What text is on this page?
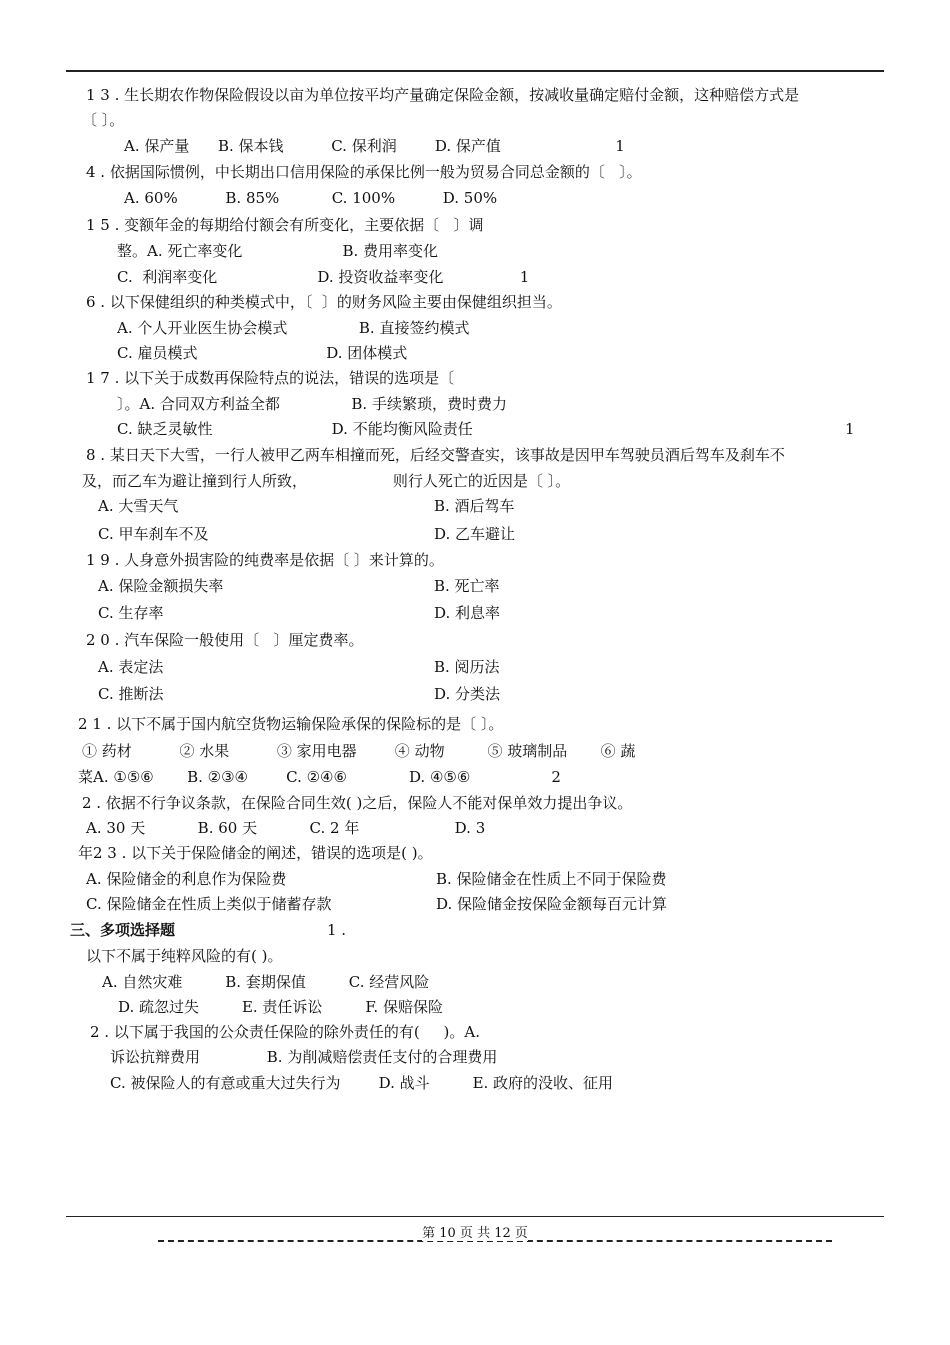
1 3 . 生长期农作物保险假设以亩为单位按平均产量确定保险金额，按减收量确定赔付金额，这种赔偿方式是
〔 〕。
A. 保产量      B. 保本钱          C. 保利润        D. 保产值                        1
4 . 依据国际惯例，中长期出口信用保险的承保比例一般为贸易合同总金额的〔   〕。
A. 60%          B. 85%           C. 100%          D. 50%
1 5 . 变额年金的每期给付额会有所变化，主要依据〔   〕调
整。A. 死亡率变化                     B. 费用率变化
C.  利润率变化                     D. 投资收益率变化                1
6 . 以下保健组织的种类模式中，〔  〕的财务风险主要由保健组织担当。
A. 个人开业医生协会模式               B. 直接签约模式
C. 雇员模式                           D. 团体模式
1 7 . 以下关于成数再保险特点的说法，错误的选项是〔
〕。A. 合同双方利益全都               B. 手续繁琐，费时费力
C. 缺乏灵敏性                         D. 不能均衡风险责任	1
8 . 某日天下大雪，一行人被甲乙两车相撞而死，后经交警查实，该事故是因甲车驾驶员酒后驾车及刹车不
及，而乙车为避让撞到行人所致，                  则行人死亡的近因是〔 〕。
A. 大雪天气	B. 酒后驾车
C. 甲车刹车不及	D. 乙车避让
1 9 . 人身意外损害险的纯费率是依据〔 〕来计算的。
A. 保险金额损失率	B. 死亡率
C. 生存率	D. 利息率
2 0 . 汽车保险一般使用〔   〕厘定费率。
A. 表定法	B. 阅历法
C. 推断法	D. 分类法
2 1 . 以下不属于国内航空货物运输保险承保的保险标的是〔 〕。
① 药材          ② 水果          ③ 家用电器        ④ 动物         ⑤ 玻璃制品       ⑥ 蔬
菜A. ①⑤⑥       B. ②③④        C. ②④⑥             D. ④⑤⑥                 2
2 . 依据不行争议条款，在保险合同生效( )之后，保险人不能对保单效力提出争议。
A. 30 天           B. 60 天           C. 2 年                    D. 3
年2 3 . 以下关于保险储金的阐述，错误的选项是( )。
A. 保险储金的利息作为保险费	B. 保险储金在性质上不同于保险费
C. 保险储金在性质上类似于储蓄存款	D. 保险储金按保险金额每百元计算
三、多项选择题	1 .
以下不属于纯粹风险的有( )。
A. 自然灾难         B. 套期保值         C. 经营风险
D. 疏忽过失         E. 责任诉讼         F. 保赔保险
2 . 以下属于我国的公众责任保险的除外责任的有(     )。A.
诉讼抗辩费用              B. 为削减赔偿责任支付的合理费用
C. 被保险人的有意或重大过失行为        D. 战斗         E. 政府的没收、征用
第 10 页 共 12 页
